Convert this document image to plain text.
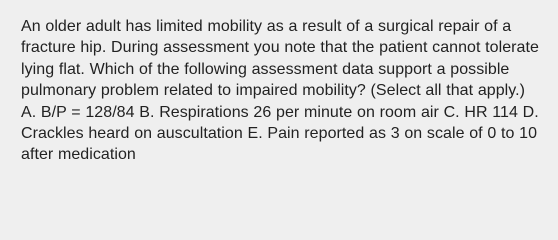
An older adult has limited mobility as a result of a surgical repair of a fracture hip. During assessment you note that the patient cannot tolerate lying flat. Which of the following assessment data support a possible pulmonary problem related to impaired mobility? (Select all that apply.) A. B/P = 128/84 B. Respirations 26 per minute on room air C. HR 114 D. Crackles heard on auscultation E. Pain reported as 3 on scale of 0 to 10 after medication
